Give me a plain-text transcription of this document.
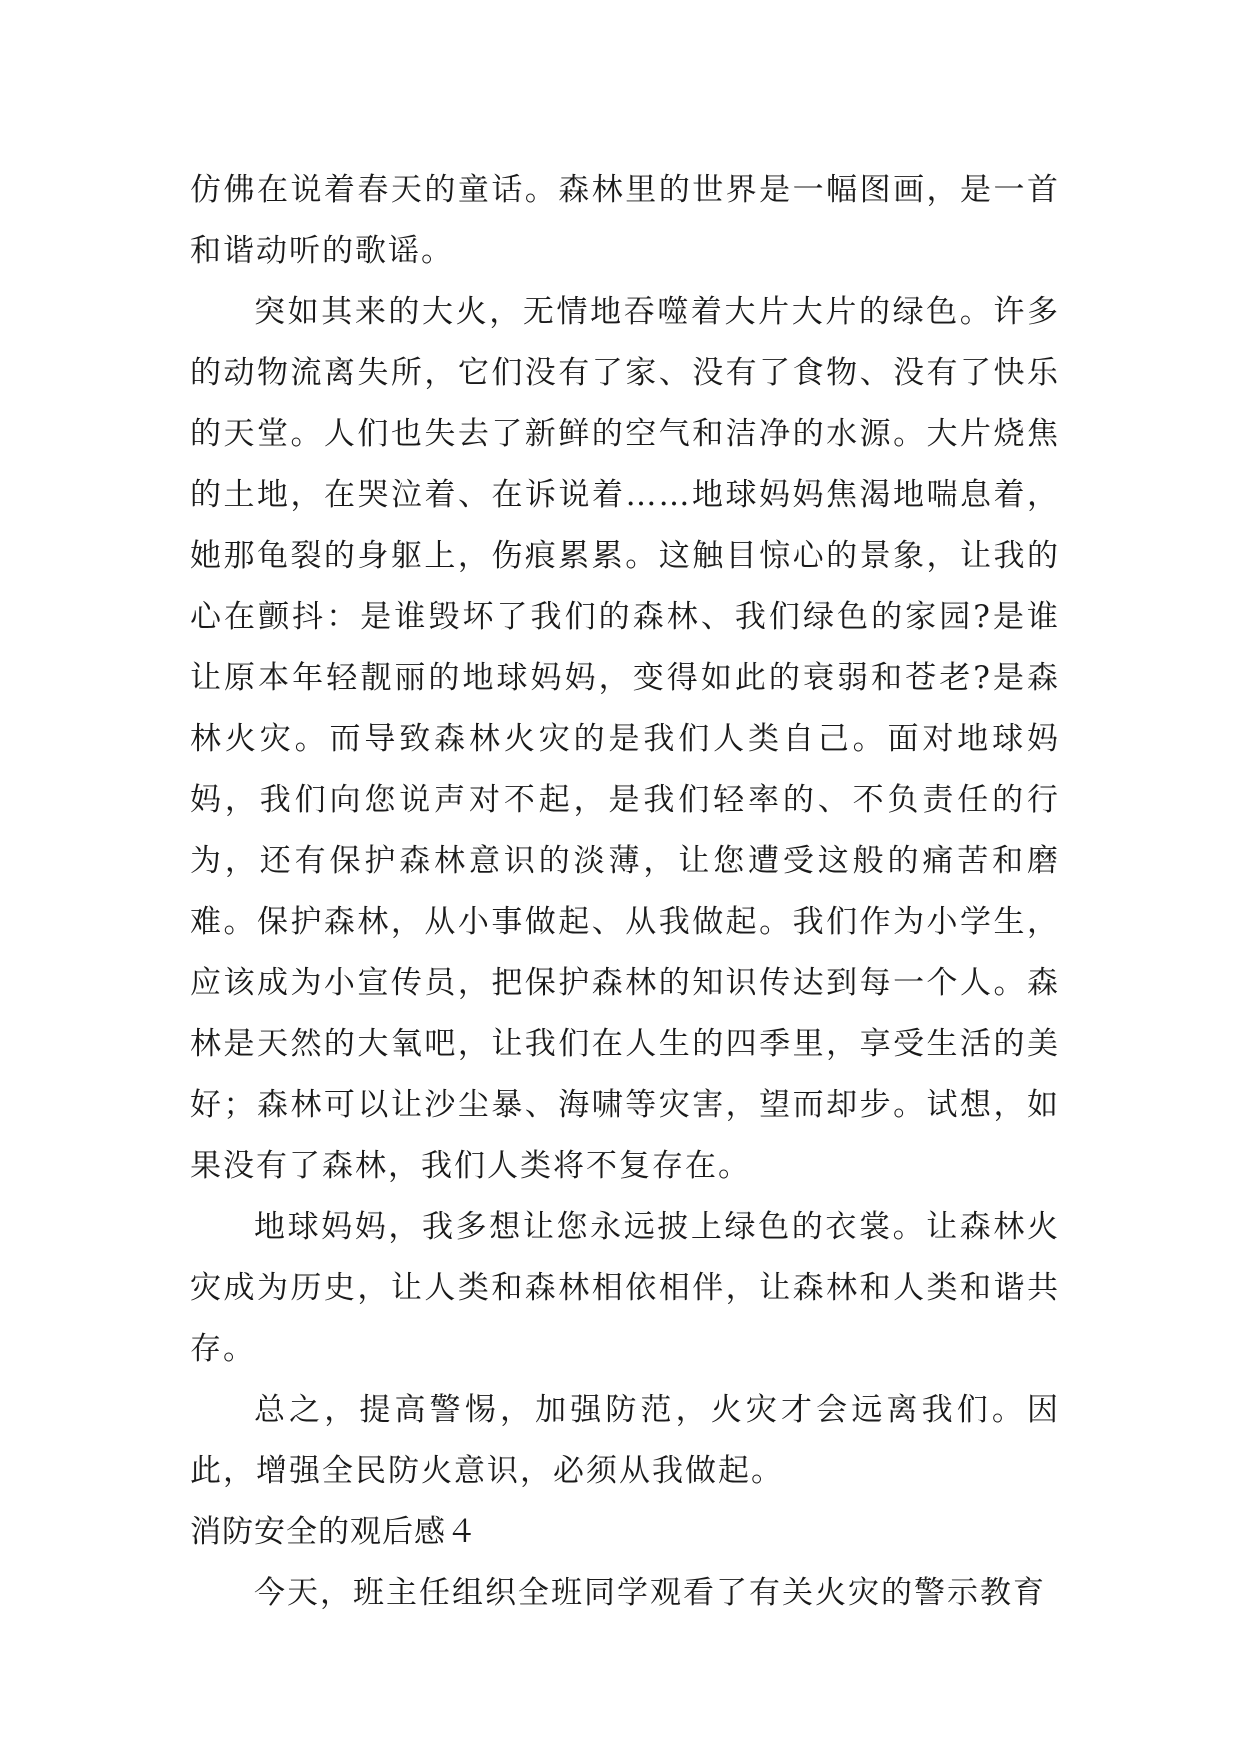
仿佛在说着春天的童话。森林里的世界是一幅图画，是一首和谐动听的歌谣。

突如其来的大火，无情地吞噬着大片大片的绿色。许多的动物流离失所，它们没有了家、没有了食物、没有了快乐的天堂。人们也失去了新鲜的空气和洁净的水源。大片烧焦的土地，在哭泣着、在诉说着……地球妈妈焦渴地喘息着，她那龟裂的身躯上，伤痕累累。这触目惊心的景象，让我的心在颤抖：是谁毁坏了我们的森林、我们绿色的家园?是谁让原本年轻靓丽的地球妈妈，变得如此的衰弱和苍老?是森林火灾。而导致森林火灾的是我们人类自己。面对地球妈妈，我们向您说声对不起，是我们轻率的、不负责任的行为，还有保护森林意识的淡薄，让您遭受这般的痛苦和磨难。保护森林，从小事做起、从我做起。我们作为小学生，应该成为小宣传员，把保护森林的知识传达到每一个人。森林是天然的大氧吧，让我们在人生的四季里，享受生活的美好；森林可以让沙尘暴、海啸等灾害，望而却步。试想，如果没有了森林，我们人类将不复存在。

地球妈妈，我多想让您永远披上绿色的衣裳。让森林火灾成为历史，让人类和森林相依相伴，让森林和人类和谐共存。

总之，提高警惕，加强防范，火灾才会远离我们。因此，增强全民防火意识，必须从我做起。

消防安全的观后感４

今天，班主任组织全班同学观看了有关火灾的警示教育
